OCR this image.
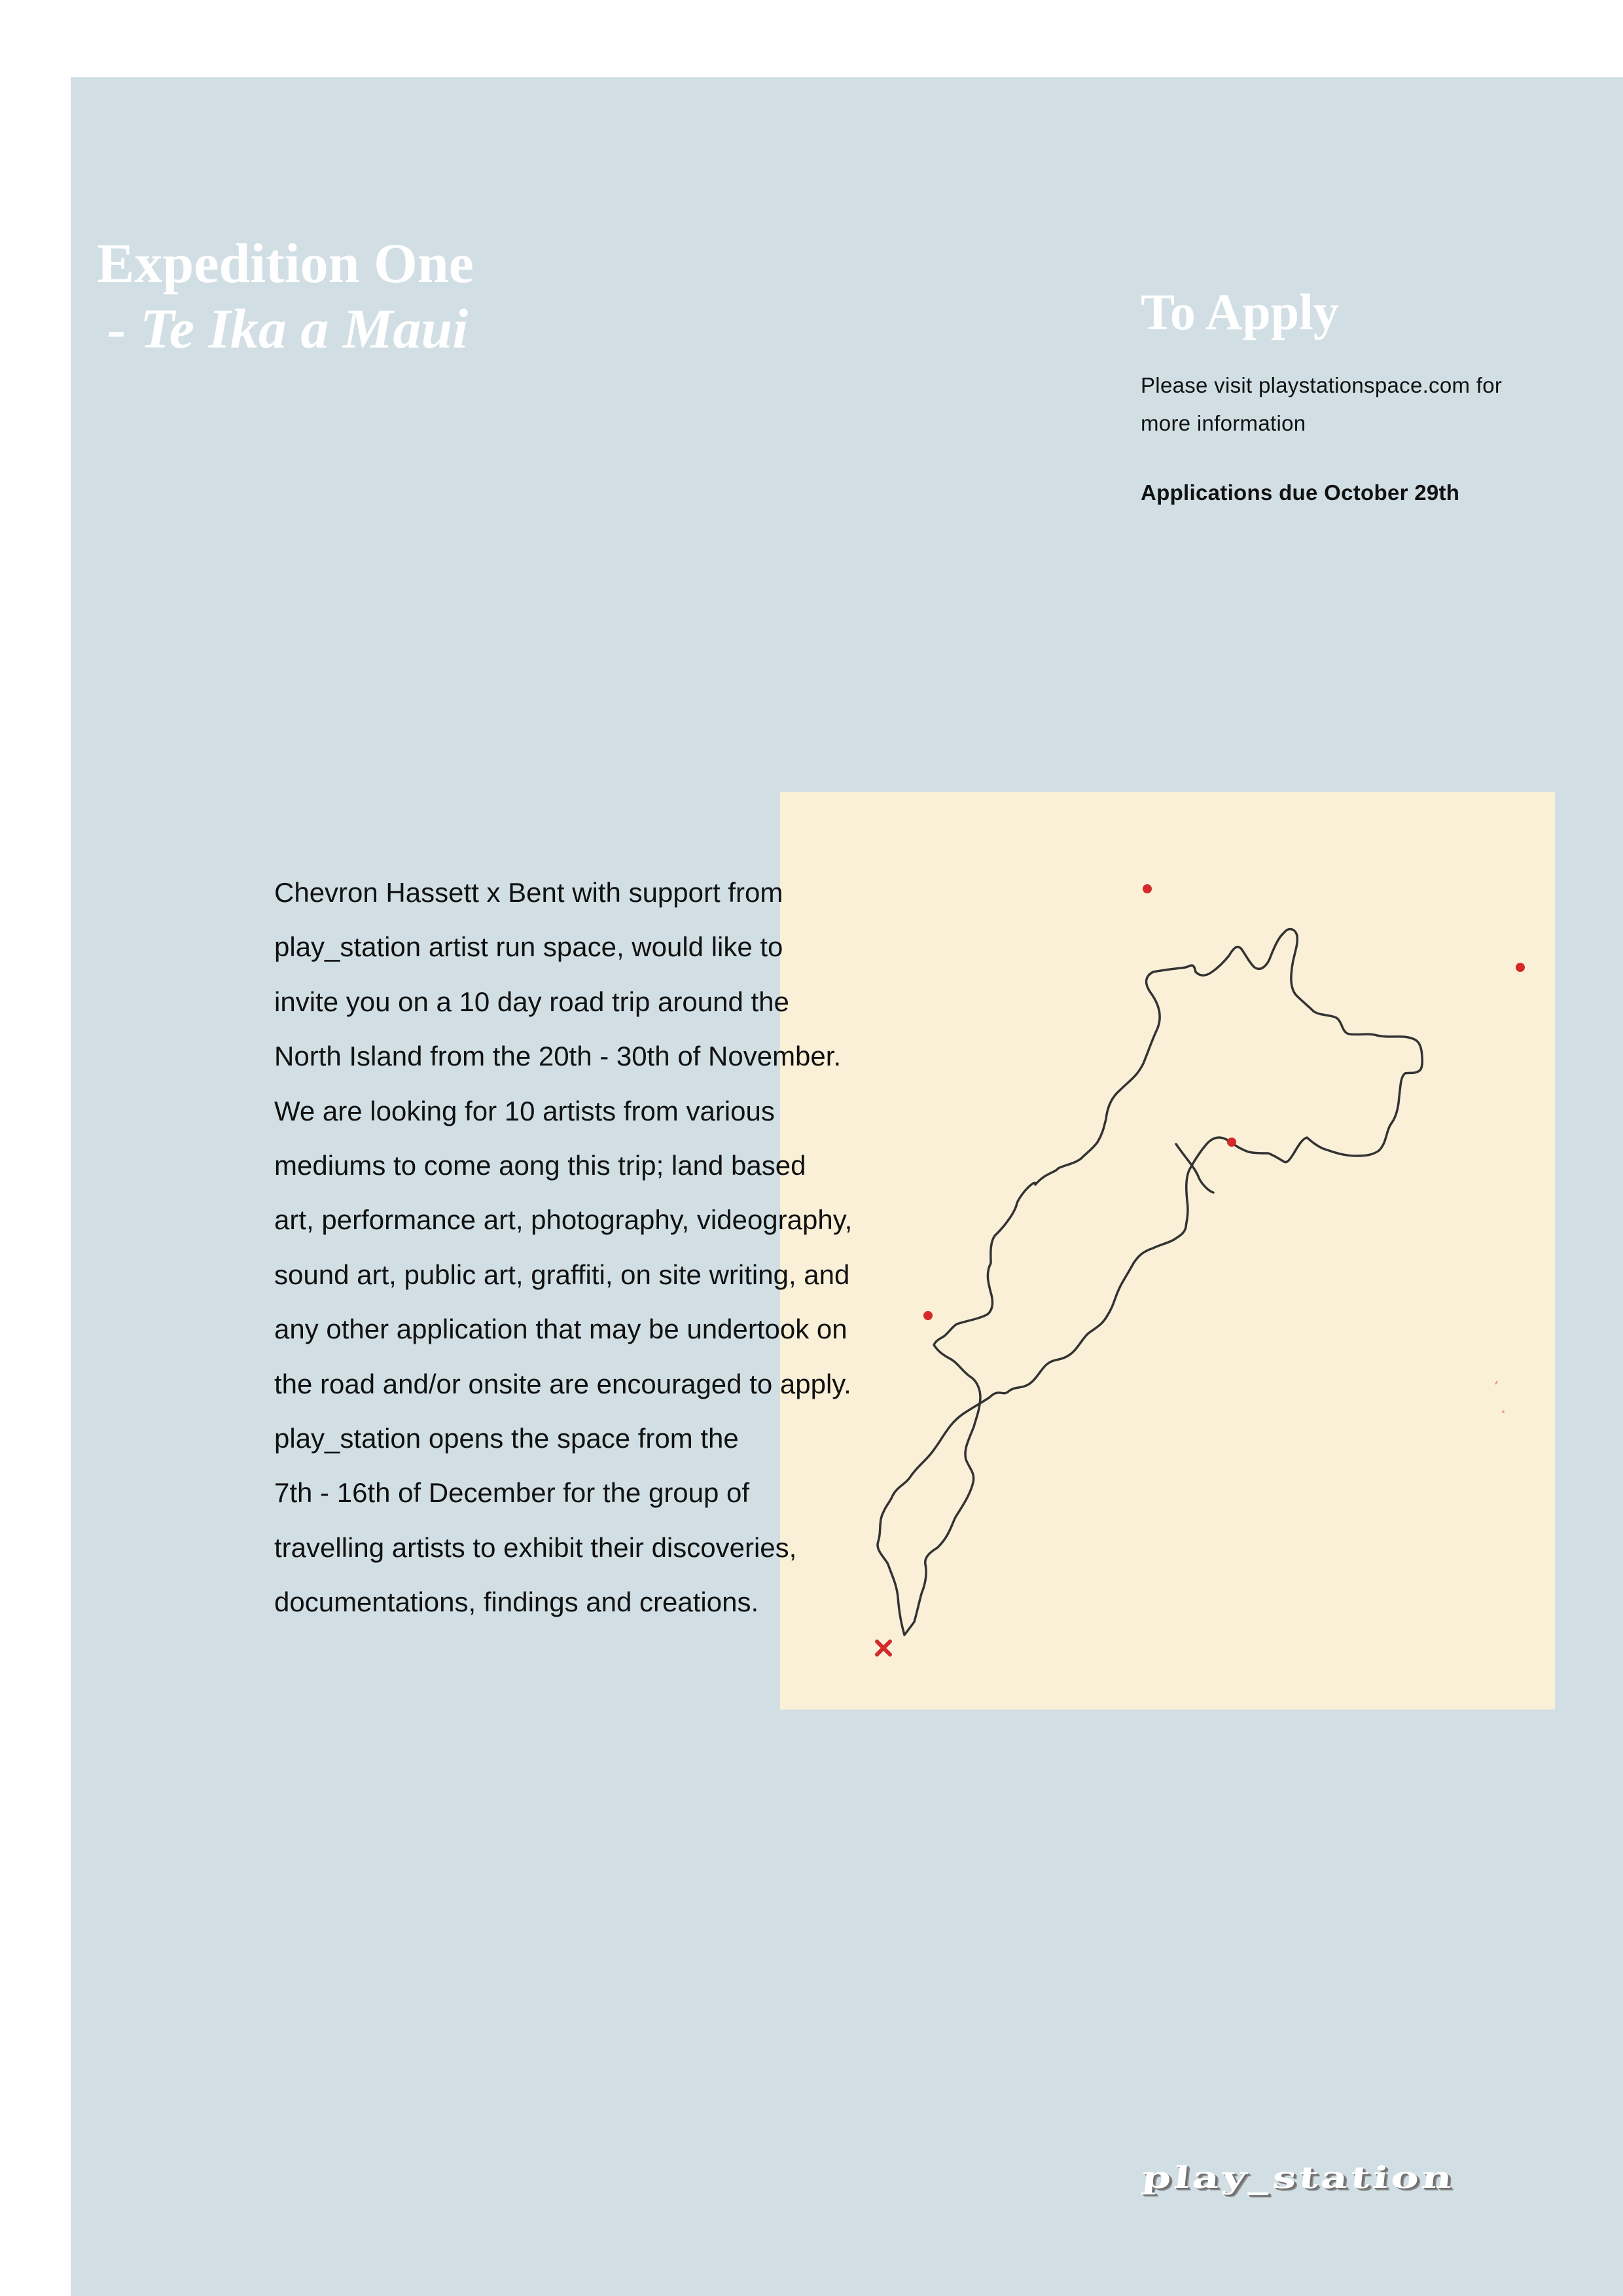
Expedition One
- Te Ika a Maui	To Apply

Please visit playstationspace.com for
more information

Applications due October 29th

Chevron Hassett x Bent with support from
play_station artist run space, would like to
invite you on a 10 day road trip around the
North Island from the 20th - 30th of November.
We are looking for 10 artists from various
mediums to come aong this trip; land based
art, performance art, photography, videography,
sound art, public art, graffiti, on site writing, and
any other application that may be undertook on
the road and/or onsite are encouraged to apply.
play_station opens the space from the
7th - 16th of December for the group of
travelling artists to exhibit their discoveries,
documentations, findings and creations.
play_station
